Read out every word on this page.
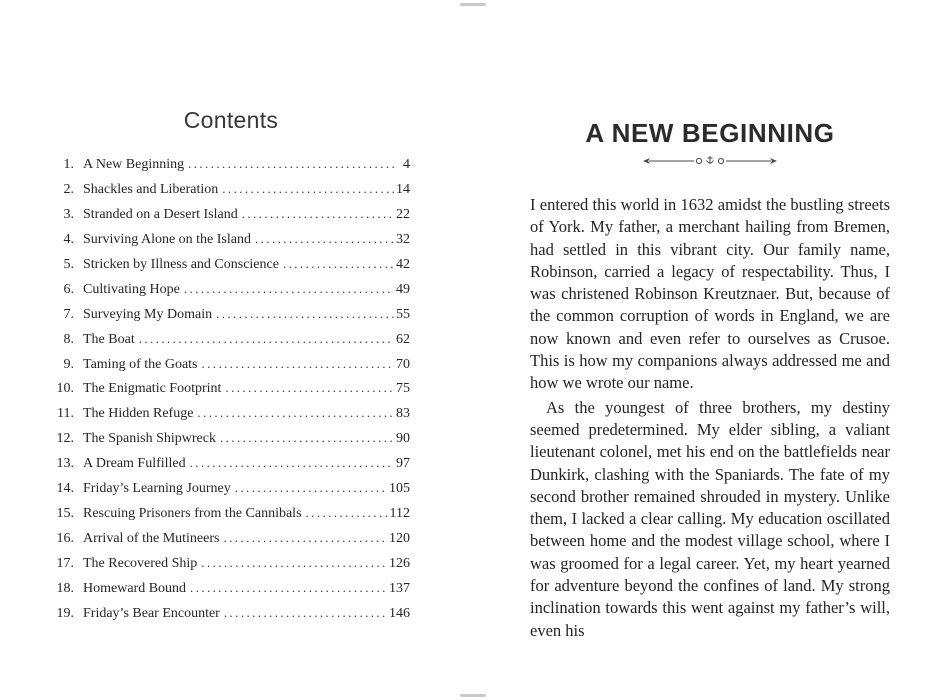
Contents
1. A New Beginning .....	4
2. Shackles and Liberation .....	14
3. Stranded on a Desert Island .....	22
4. Surviving Alone on the Island .....	32
5. Stricken by Illness and Conscience .....	42
6. Cultivating Hope .....	49
7. Surveying My Domain .....	55
8. The Boat .....	62
9. Taming of the Goats .....	70
10. The Enigmatic Footprint .....	75
11. The Hidden Refuge .....	83
12. The Spanish Shipwreck .....	90
13. A Dream Fulfilled .....	97
14. Friday’s Learning Journey .....	105
15. Rescuing Prisoners from the Cannibals .....	112
16. Arrival of the Mutineers .....	120
17. The Recovered Ship .....	126
18. Homeward Bound .....	137
19. Friday’s Bear Encounter .....	146
A NEW BEGINNING

I entered this world in 1632 amidst the bustling streets of York. My father, a merchant hailing from Bremen, had settled in this vibrant city. Our family name, Robinson, carried a legacy of respectability. Thus, I was christened Robinson Kreutznaer. But, because of the common corruption of words in England, we are now known and even refer to ourselves as Crusoe. This is how my companions always addressed me and how we wrote our name.

As the youngest of three brothers, my destiny seemed predetermined. My elder sibling, a valiant lieutenant colonel, met his end on the battlefields near Dunkirk, clashing with the Spaniards. The fate of my second brother remained shrouded in mystery. Unlike them, I lacked a clear calling. My education oscillated between home and the modest village school, where I was groomed for a legal career. Yet, my heart yearned for adventure beyond the confines of land. My strong inclination towards this went against my father’s will, even his
